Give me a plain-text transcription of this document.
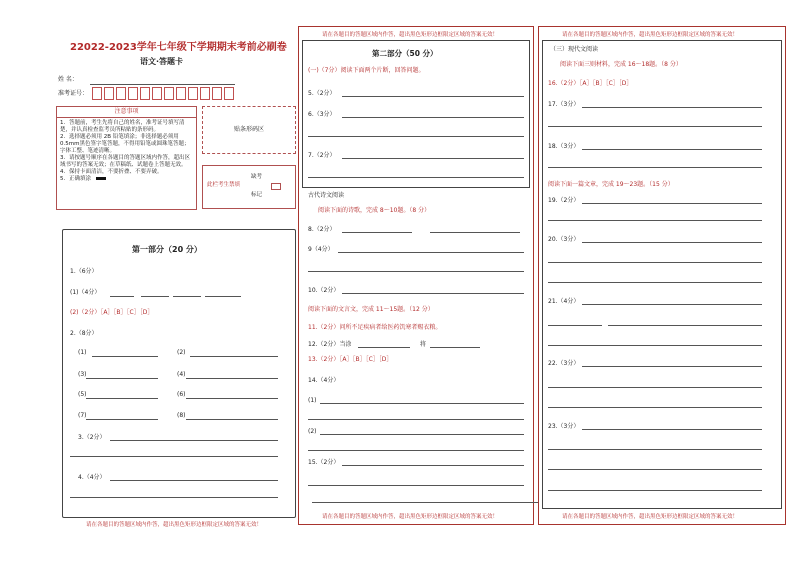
22022-2023学年七年级下学期期末考前必刷卷
语文·答题卡
姓 名：
准考证号：
注意事项
1．答题前，考生先将自己的姓名，准考证号填写清楚，并认真检查监考员所粘贴的条形码。
2．选择题必须用 2B 铅笔填涂；非选择题必须用0.5mm黑色签字笔答题，不得用铅笔或圆珠笔答题；字体工整、笔迹清晰。
3．请按题号顺序在各题目的答题区域内作答，超出区域书写的答案无效；在草稿纸、试题卷上答题无效。
4．保持卡面清洁，不要折叠、不要弄破。
5．正确填涂
贴条形码区
此栏考生禁填
缺考
标记
第一部分（20 分）
1.（6分）
(1)（4分）
(2)（2分）［A］［B］［C］［D］
2.（8分）
(1)	(2)
(3)	(4)
(5)	(6)
(7)	(8)
3.（2分）
4.（4分）
请在各题目的答题区域内作答，超出黑色矩形边框限定区域的答案无效！
请在各题目的答题区域内作答，超出黑色矩形边框限定区域的答案无效！
第二部分（50 分）
(一)（7分）阅读下面两个片断，回答问题。
5.（2分）
6.（3分）
7.（2分）
古代诗文阅读
阅读下面的诗歌，完成 8～10题。（8 分）
8.（2分）
9（4分）
10.（2分）
阅读下面的文言文，完成 11～15题。（12 分）
11.（2分）问所不足疾病者给医药饥寒者赐衣粮。
12.（2分）当涂	将
13.（2分）［A］［B］［C］［D］
14.（4分）
(1)
(2)
15.（2分）
请在各题目的答题区域内作答，超出黑色矩形边框限定区域的答案无效！
请在各题目的答题区域内作答，超出黑色矩形边框限定区域的答案无效！
（三）现代文阅读
阅读下面三则材料，完成 16～18题。（8 分）
16.（2分）［A］［B］［C］［D］
17.（3分）
18.（3分）
阅读下面一篇文章，完成 19～23题。（15 分）
19.（2分）
20.（3分）
21.（4分）
22.（3分）
23.（3分）
请在各题目的答题区域内作答，超出黑色矩形边框限定区域的答案无效！
